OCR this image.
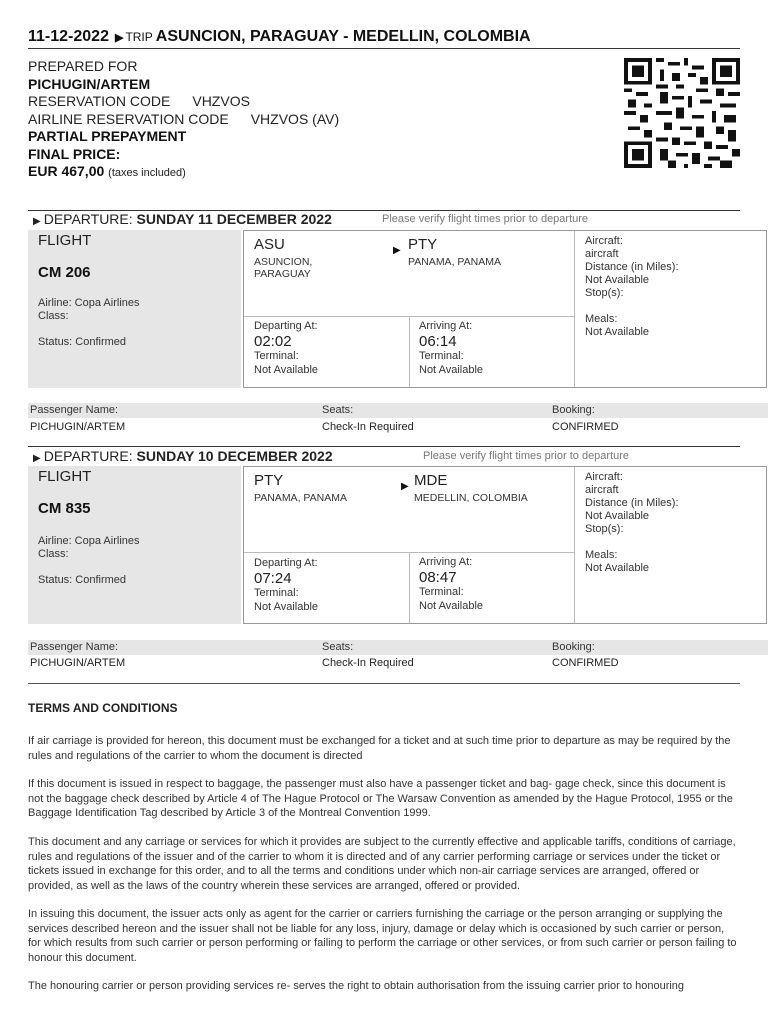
11-12-2022 ▶ TRIP ASUNCION, PARAGUAY - MEDELLIN, COLOMBIA
PREPARED FOR
PICHUGIN/ARTEM
RESERVATION CODE VHZVOS
AIRLINE RESERVATION CODE VHZVOS (AV)
PARTIAL PREPAYMENT
FINAL PRICE:
EUR 467,00 (taxes included)
▶ DEPARTURE: SUNDAY 11 DECEMBER 2022	Please verify flight times prior to departure
FLIGHT
CM 206
Airline: Copa Airlines
Class:
Status: Confirmed
ASU
ASUNCION,
PARAGUAY
▶ PTY
PANAMA, PANAMA
Departing At:
02:02
Terminal:
Not Available
Arriving At:
06:14
Terminal:
Not Available
Aircraft:
aircraft
Distance (in Miles):
Not Available
Stop(s):
Meals:
Not Available
Passenger Name:	Seats:	Booking:
PICHUGIN/ARTEM	Check-In Required	CONFIRMED
▶ DEPARTURE: SUNDAY 10 DECEMBER 2022	Please verify flight times prior to departure
FLIGHT
CM 835
Airline: Copa Airlines
Class:
Status: Confirmed
PTY
PANAMA, PANAMA
▶ MDE
MEDELLIN, COLOMBIA
Departing At:
07:24
Terminal:
Not Available
Arriving At:
08:47
Terminal:
Not Available
Aircraft:
aircraft
Distance (in Miles):
Not Available
Stop(s):
Meals:
Not Available
Passenger Name:	Seats:	Booking:
PICHUGIN/ARTEM	Check-In Required	CONFIRMED
TERMS AND CONDITIONS
If air carriage is provided for hereon, this document must be exchanged for a ticket and at such time prior to departure as may be required by the rules and regulations of the carrier to whom the document is directed
If this document is issued in respect to baggage, the passenger must also have a passenger ticket and bag- gage check, since this document is not the baggage check described by Article 4 of The Hague Protocol or The Warsaw Convention as amended by the Hague Protocol, 1955 or the Baggage Identification Tag described by Article 3 of the Montreal Convention 1999.
This document and any carriage or services for which it provides are subject to the currently effective and applicable tariffs, conditions of carriage, rules and regulations of the issuer and of the carrier to whom it is directed and of any carrier performing carriage or services under the ticket or tickets issued in exchange for this order, and to all the terms and conditions under which non-air carriage services are arranged, offered or provided, as well as the laws of the country wherein these services are arranged, offered or provided.
In issuing this document, the issuer acts only as agent for the carrier or carriers furnishing the carriage or the person arranging or supplying the services described hereon and the issuer shall not be liable for any loss, injury, damage or delay which is occasioned by such carrier or person, for which results from such carrier or person performing or failing to perform the carriage or other services, or from such carrier or person failing to honour this document.
The honouring carrier or person providing services re- serves the right to obtain authorisation from the issuing carrier prior to honouring
